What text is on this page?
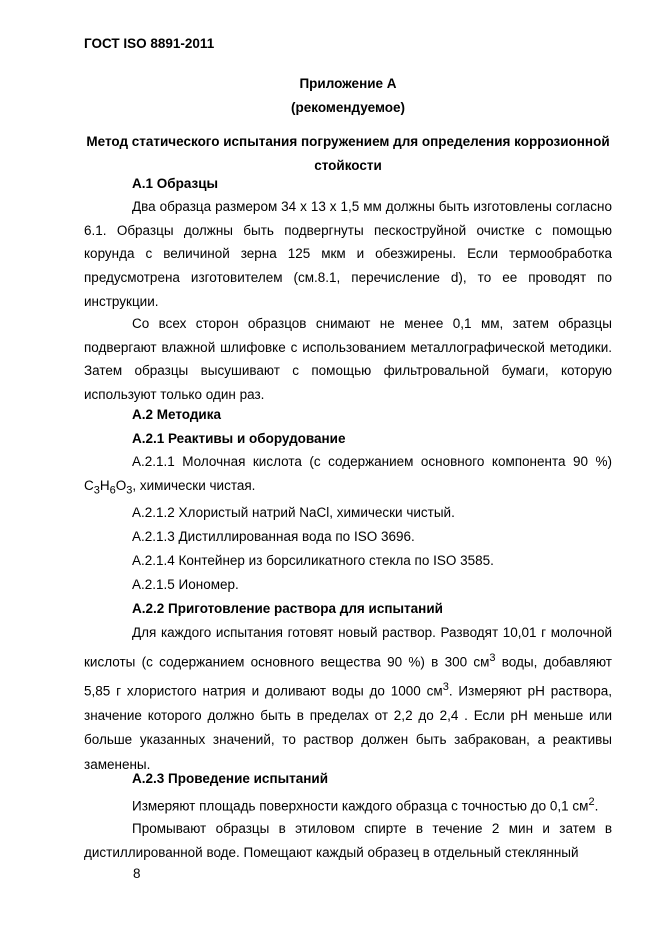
ГОСТ ISO 8891-2011
Приложение А
(рекомендуемое)
Метод статического испытания погружением для определения коррозионной
стойкости
А.1 Образцы

Два образца размером 34 х 13 х 1,5 мм должны быть изготовлены согласно 6.1. Образцы должны быть подвергнуты пескоструйной очистке с помощью корунда с величиной зерна 125 мкм и обезжирены. Если термообработка предусмотрена изготовителем (см.8.1, перечисление d), то ее проводят по инструкции.

Со всех сторон образцов снимают не менее 0,1 мм, затем образцы подвергают влажной шлифовке с использованием металлографической методики. Затем образцы высушивают с помощью фильтровальной бумаги, которую используют только один раз.

А.2 Методика
А.2.1 Реактивы и оборудование

А.2.1.1 Молочная кислота (с содержанием основного компонента 90 %) $C_3H_6O_3$, химически чистая.

А.2.1.2 Хлористый натрий NaCl, химически чистый.
А.2.1.3 Дистиллированная вода по ISO 3696.
А.2.1.4 Контейнер из борсиликатного стекла по ISO 3585.
А.2.1.5 Иономер.
А.2.2 Приготовление раствора для испытаний

Для каждого испытания готовят новый раствор. Разводят 10,01 г молочной кислоты (с содержанием основного вещества 90 %) в 300 $см^3$ воды, добавляют 5,85 г хлористого натрия и доливают воды до 1000 $см^3$. Измеряют рН раствора, значение которого должно быть в пределах от 2,2 до 2,4 . Если рН меньше или больше указанных значений, то раствор должен быть забракован, а реактивы заменены.

А.2.3 Проведение испытаний
Измеряют площадь поверхности каждого образца с точностью до 0,1 $см^2$.

Промывают образцы в этиловом спирте в течение 2 мин и затем в дистиллированной воде. Помещают каждый образец в отдельный стеклянный

8
